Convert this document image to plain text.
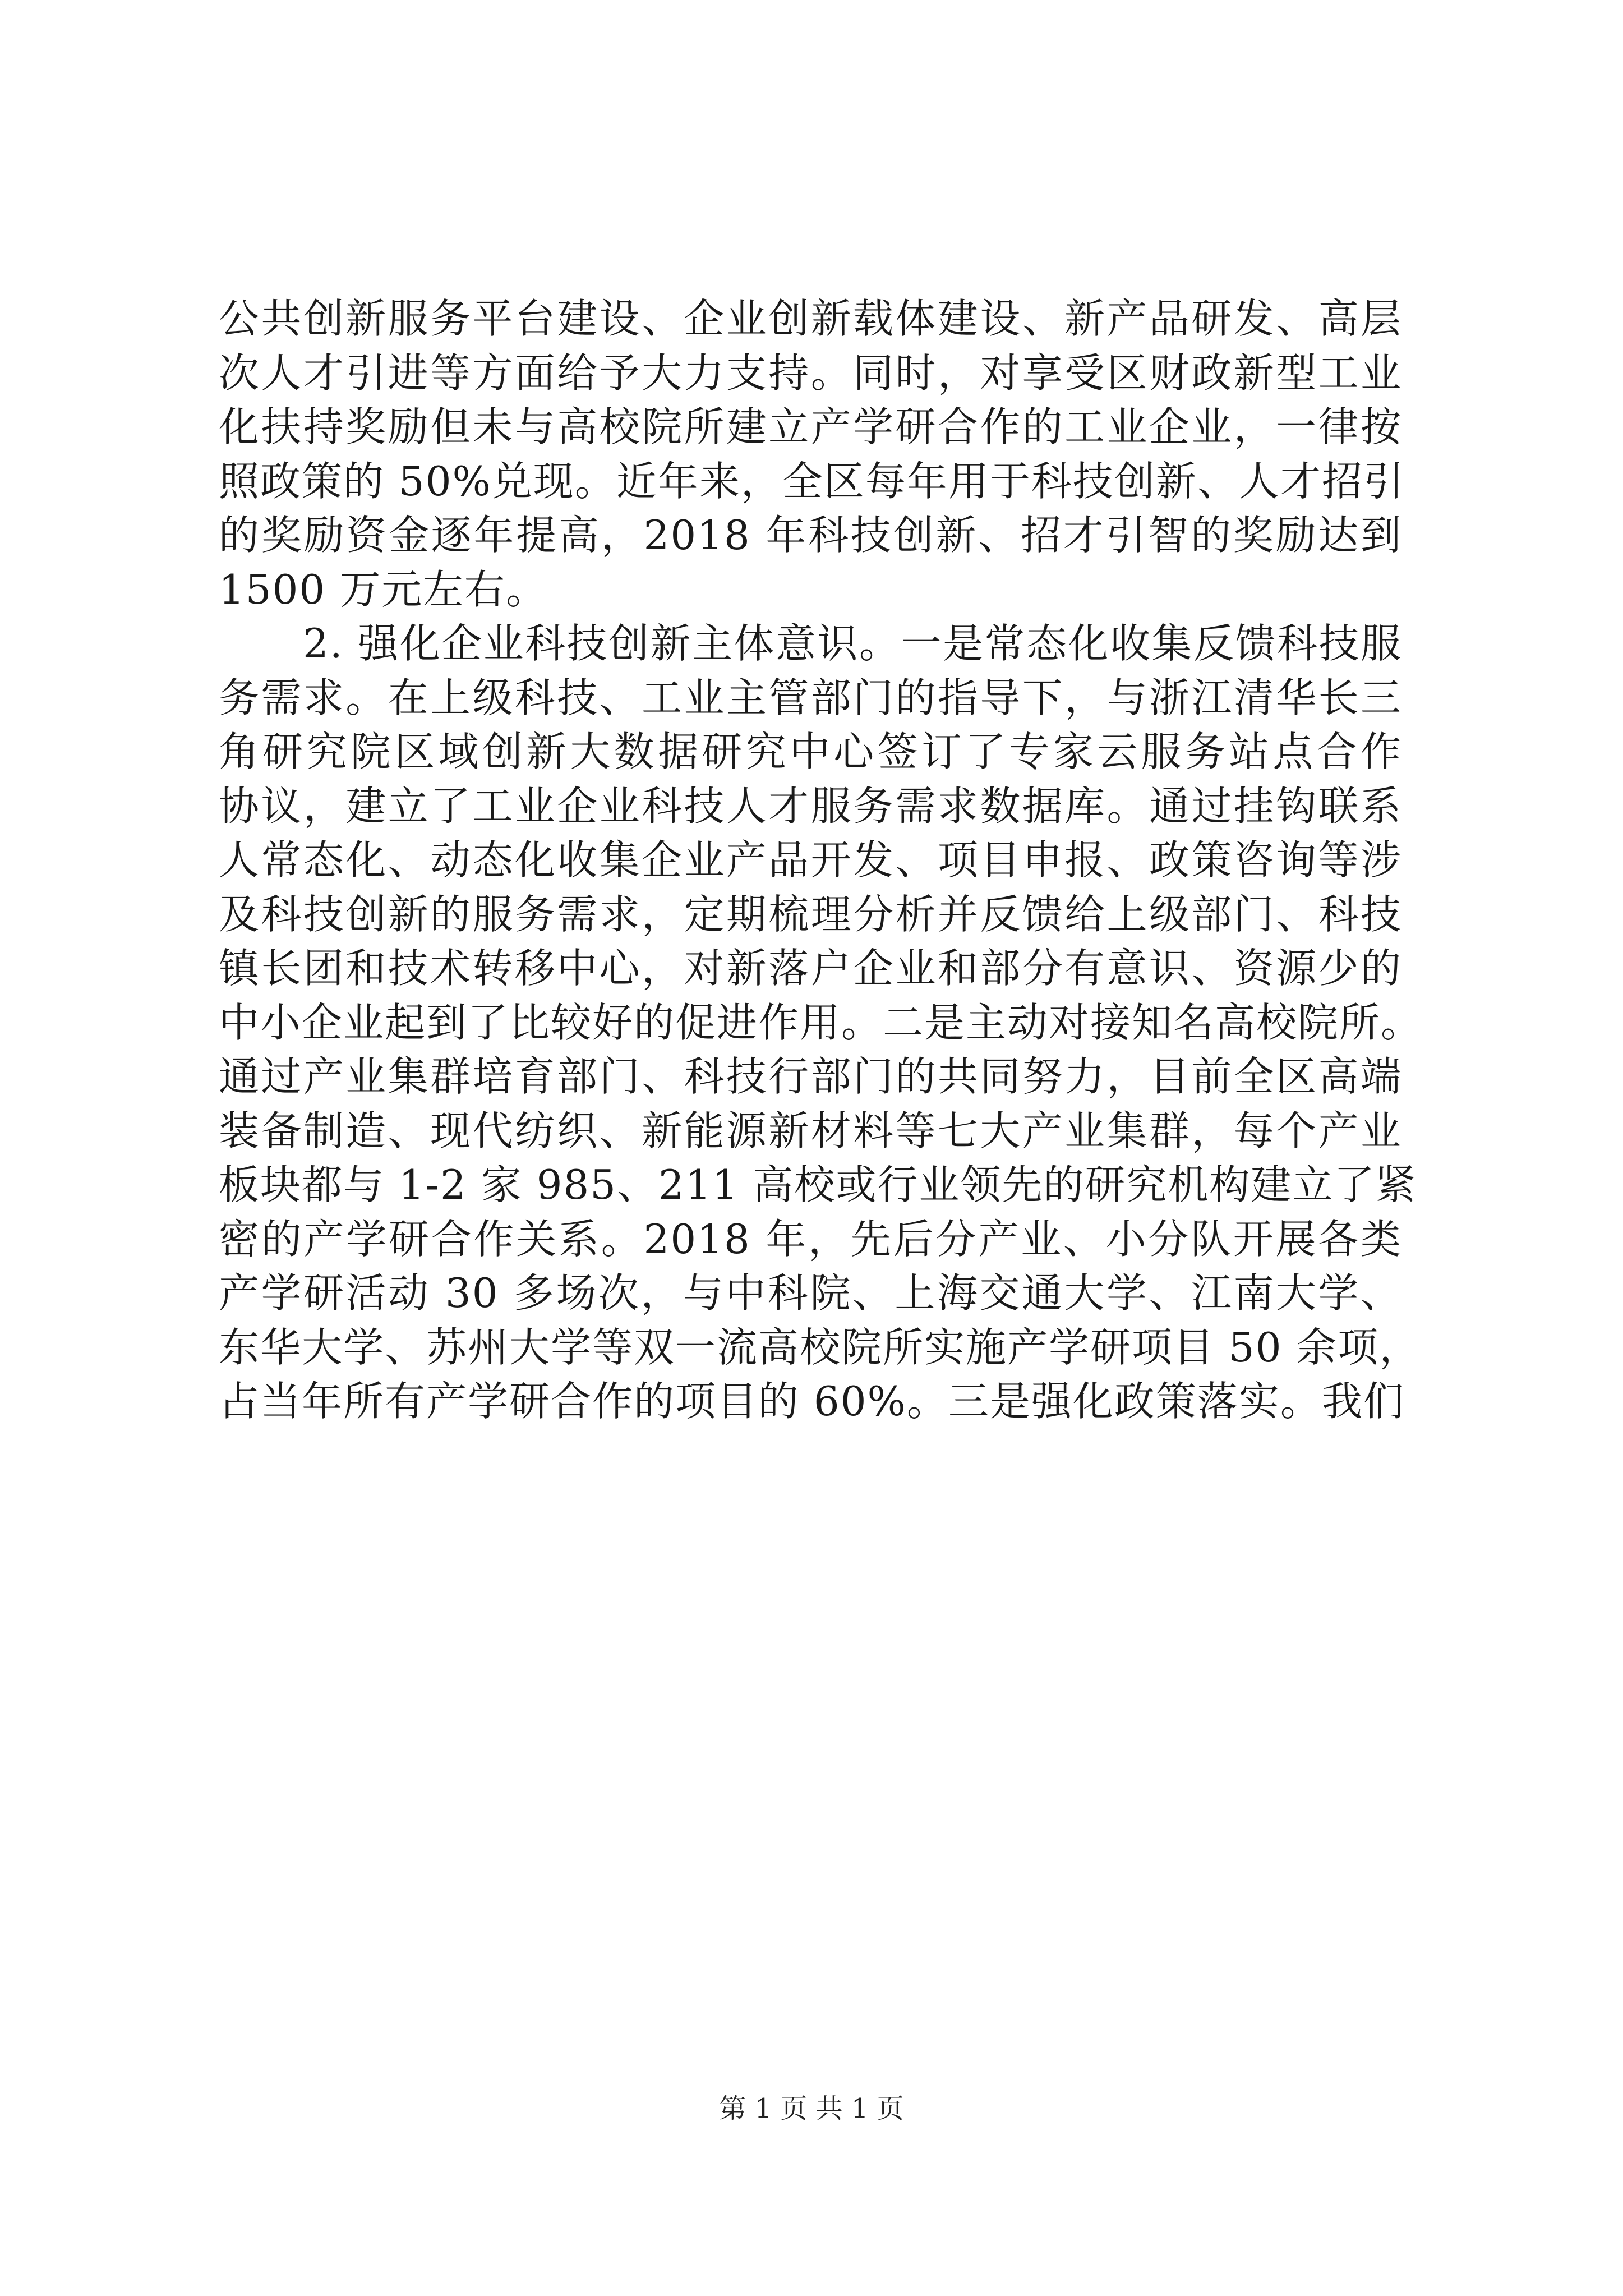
公共创新服务平台建设、企业创新载体建设、新产品研发、高层
次人才引进等方面给予大力支持。同时，对享受区财政新型工业
化扶持奖励但未与高校院所建立产学研合作的工业企业，一律按
照政策的 50%兑现。近年来，全区每年用于科技创新、人才招引
的奖励资金逐年提高，2018 年科技创新、招才引智的奖励达到
1500 万元左右。
2. 强化企业科技创新主体意识。一是常态化收集反馈科技服
务需求。在上级科技、工业主管部门的指导下，与浙江清华长三
角研究院区域创新大数据研究中心签订了专家云服务站点合作
协议，建立了工业企业科技人才服务需求数据库。通过挂钩联系
人常态化、动态化收集企业产品开发、项目申报、政策咨询等涉
及科技创新的服务需求，定期梳理分析并反馈给上级部门、科技
镇长团和技术转移中心，对新落户企业和部分有意识、资源少的
中小企业起到了比较好的促进作用。二是主动对接知名高校院所。
通过产业集群培育部门、科技行部门的共同努力，目前全区高端
装备制造、现代纺织、新能源新材料等七大产业集群，每个产业
板块都与 1-2 家 985、211 高校或行业领先的研究机构建立了紧
密的产学研合作关系。2018 年，先后分产业、小分队开展各类
产学研活动 30 多场次，与中科院、上海交通大学、江南大学、
东华大学、苏州大学等双一流高校院所实施产学研项目 50 余项，
占当年所有产学研合作的项目的 60%。三是强化政策落实。我们
第 1 页 共 1 页
